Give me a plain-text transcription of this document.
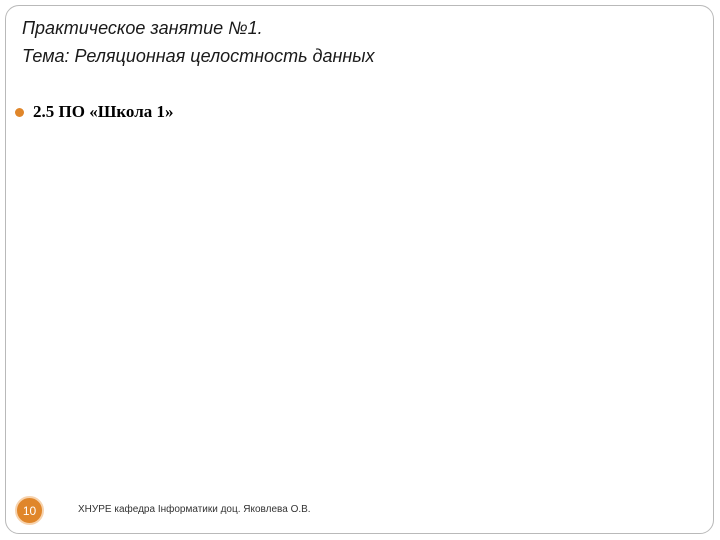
Практическое занятие №1.
Тема: Реляционная целостность данных
2.5 ПО «Школа 1»
10	ХНУРЕ кафедра Інформатики доц. Яковлева О.В.
